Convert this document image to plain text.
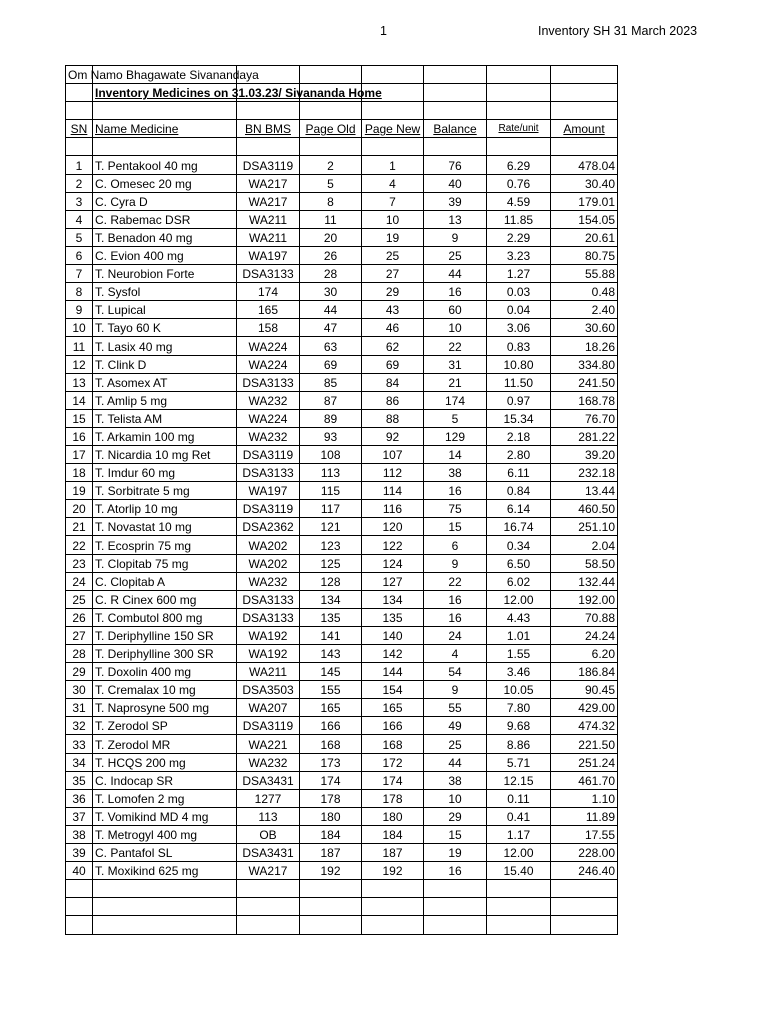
1	Inventory SH 31 March 2023
Om Namo Bhagawate Sivanandaya							
	Inventory Medicines on 31.03.23/ Sivananda Home						

SN	Name Medicine	BN BMS	Page Old	Page New	Balance	Rate/unit	Amount

1	T. Pentakool 40 mg	DSA3119	2	1	76	6.29	478.04
2	C. Omesec 20 mg	WA217	5	4	40	0.76	30.40
3	C. Cyra D	WA217	8	7	39	4.59	179.01
4	C. Rabemac DSR	WA211	11	10	13	11.85	154.05
5	T. Benadon 40 mg	WA211	20	19	9	2.29	20.61
6	C. Evion 400 mg	WA197	26	25	25	3.23	80.75
7	T. Neurobion Forte	DSA3133	28	27	44	1.27	55.88
8	T. Sysfol	174	30	29	16	0.03	0.48
9	T. Lupical	165	44	43	60	0.04	2.40
10	T. Tayo 60 K	158	47	46	10	3.06	30.60
11	T. Lasix 40 mg	WA224	63	62	22	0.83	18.26
12	T. Clink D	WA224	69	69	31	10.80	334.80
13	T. Asomex AT	DSA3133	85	84	21	11.50	241.50
14	T. Amlip 5 mg	WA232	87	86	174	0.97	168.78
15	T. Telista AM	WA224	89	88	5	15.34	76.70
16	T. Arkamin 100 mg	WA232	93	92	129	2.18	281.22
17	T. Nicardia 10 mg Ret	DSA3119	108	107	14	2.80	39.20
18	T. Imdur 60 mg	DSA3133	113	112	38	6.11	232.18
19	T. Sorbitrate 5 mg	WA197	115	114	16	0.84	13.44
20	T. Atorlip 10 mg	DSA3119	117	116	75	6.14	460.50
21	T. Novastat 10 mg	DSA2362	121	120	15	16.74	251.10
22	T. Ecosprin 75 mg	WA202	123	122	6	0.34	2.04
23	T. Clopitab 75 mg	WA202	125	124	9	6.50	58.50
24	C. Clopitab A	WA232	128	127	22	6.02	132.44
25	C. R Cinex 600 mg	DSA3133	134	134	16	12.00	192.00
26	T. Combutol 800 mg	DSA3133	135	135	16	4.43	70.88
27	T. Deriphylline 150 SR	WA192	141	140	24	1.01	24.24
28	T. Deriphylline 300 SR	WA192	143	142	4	1.55	6.20
29	T. Doxolin 400 mg	WA211	145	144	54	3.46	186.84
30	T. Cremalax 10 mg	DSA3503	155	154	9	10.05	90.45
31	T. Naprosyne 500 mg	WA207	165	165	55	7.80	429.00
32	T. Zerodol SP	DSA3119	166	166	49	9.68	474.32
33	T. Zerodol MR	WA221	168	168	25	8.86	221.50
34	T. HCQS 200 mg	WA232	173	172	44	5.71	251.24
35	C. Indocap SR	DSA3431	174	174	38	12.15	461.70
36	T. Lomofen 2 mg	1277	178	178	10	0.11	1.10
37	T. Vomikind MD 4 mg	113	180	180	29	0.41	11.89
38	T. Metrogyl 400 mg	OB	184	184	15	1.17	17.55
39	C. Pantafol SL	DSA3431	187	187	19	12.00	228.00
40	T. Moxikind 625 mg	WA217	192	192	16	15.40	246.40
